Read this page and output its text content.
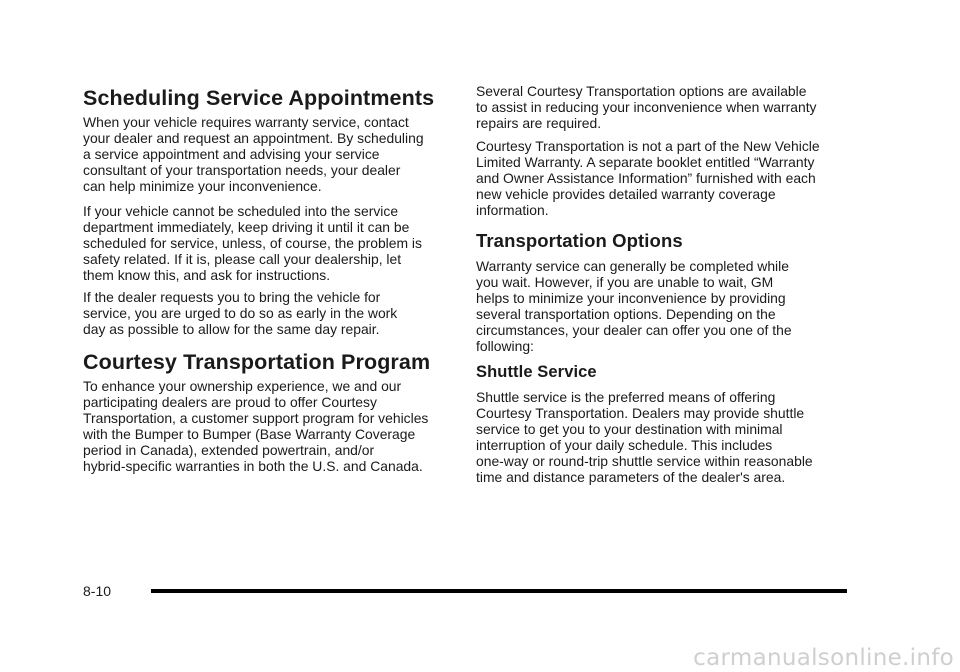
Scheduling Service Appointments

When your vehicle requires warranty service, contact
your dealer and request an appointment. By scheduling
a service appointment and advising your service
consultant of your transportation needs, your dealer
can help minimize your inconvenience.

If your vehicle cannot be scheduled into the service
department immediately, keep driving it until it can be
scheduled for service, unless, of course, the problem is
safety related. If it is, please call your dealership, let
them know this, and ask for instructions.

If the dealer requests you to bring the vehicle for
service, you are urged to do so as early in the work
day as possible to allow for the same day repair.

Courtesy Transportation Program

To enhance your ownership experience, we and our
participating dealers are proud to offer Courtesy
Transportation, a customer support program for vehicles
with the Bumper to Bumper (Base Warranty Coverage
period in Canada), extended powertrain, and/or
hybrid-specific warranties in both the U.S. and Canada.

Several Courtesy Transportation options are available
to assist in reducing your inconvenience when warranty
repairs are required.

Courtesy Transportation is not a part of the New Vehicle
Limited Warranty. A separate booklet entitled “Warranty
and Owner Assistance Information” furnished with each
new vehicle provides detailed warranty coverage
information.

Transportation Options

Warranty service can generally be completed while
you wait. However, if you are unable to wait, GM
helps to minimize your inconvenience by providing
several transportation options. Depending on the
circumstances, your dealer can offer you one of the
following:

Shuttle Service

Shuttle service is the preferred means of offering
Courtesy Transportation. Dealers may provide shuttle
service to get you to your destination with minimal
interruption of your daily schedule. This includes
one-way or round-trip shuttle service within reasonable
time and distance parameters of the dealer's area.

8-10
carmanualsonline.info
